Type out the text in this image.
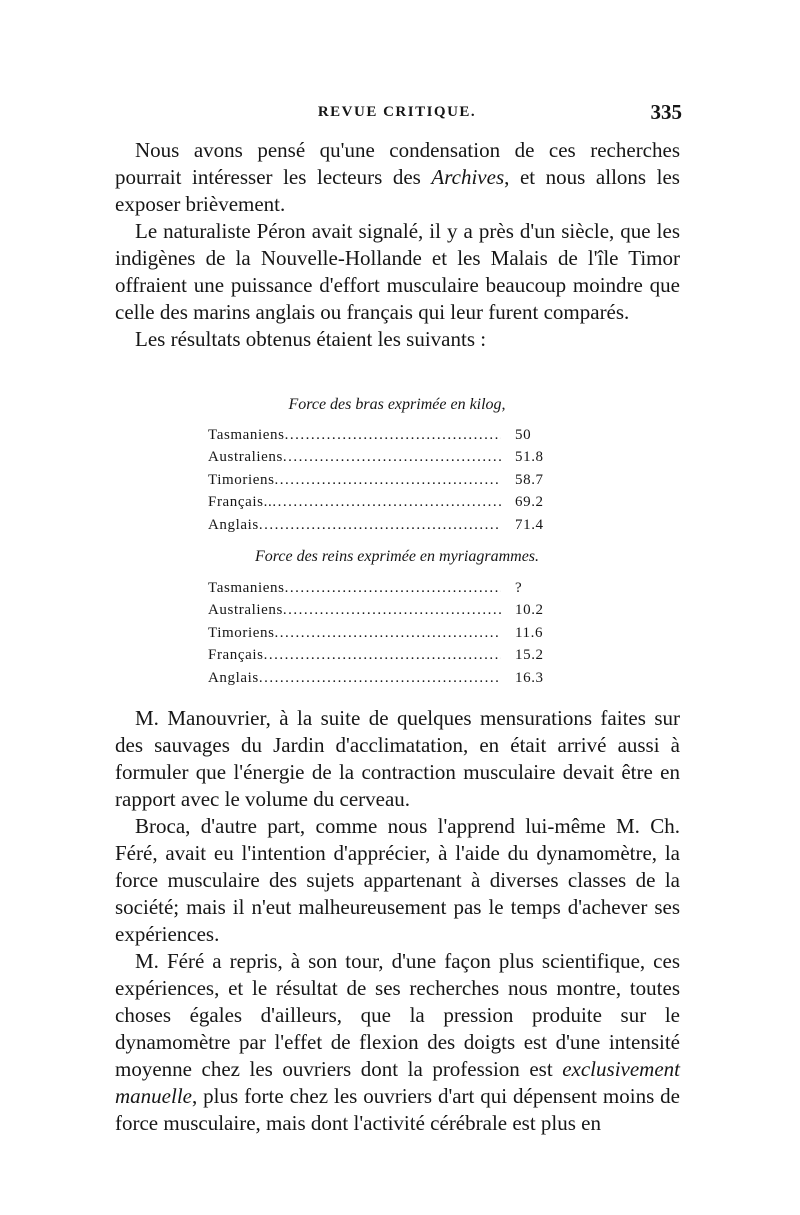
REVUE CRITIQUE.	335

Nous avons pensé qu'une condensation de ces recherches pourrait intéresser les lecteurs des Archives, et nous allons les exposer brièvement.

Le naturaliste Péron avait signalé, il y a près d'un siècle, que les indigènes de la Nouvelle-Hollande et les Malais de l'île Timor offraient une puissance d'effort musculaire beaucoup moindre que celle des marins anglais ou français qui leur furent comparés.

Les résultats obtenus étaient les suivants :

Force des bras exprimée en kilog,
Tasmaniens .....	50
Australiens .....	51.8
Timoriens .....	58.7
Français.. .....	69.2
Anglais .....	71.4
Force des reins exprimée en myriagrammes.
Tasmaniens .....	?
Australiens .....	10.2
Timoriens .....	11.6
Français .....	15.2
Anglais .....	16.3

M. Manouvrier, à la suite de quelques mensurations faites sur des sauvages du Jardin d'acclimatation, en était arrivé aussi à formuler que l'énergie de la contraction musculaire devait être en rapport avec le volume du cerveau.

Broca, d'autre part, comme nous l'apprend lui-même M. Ch. Féré, avait eu l'intention d'apprécier, à l'aide du dynamomètre, la force musculaire des sujets appartenant à diverses classes de la société; mais il n'eut malheureusement pas le temps d'achever ses expériences.

M. Féré a repris, à son tour, d'une façon plus scientifique, ces expériences, et le résultat de ses recherches nous montre, toutes choses égales d'ailleurs, que la pression produite sur le dynamomètre par l'effet de flexion des doigts est d'une intensité moyenne chez les ouvriers dont la profession est exclusivement manuelle, plus forte chez les ouvriers d'art qui dépensent moins de force musculaire, mais dont l'activité cérébrale est plus en
